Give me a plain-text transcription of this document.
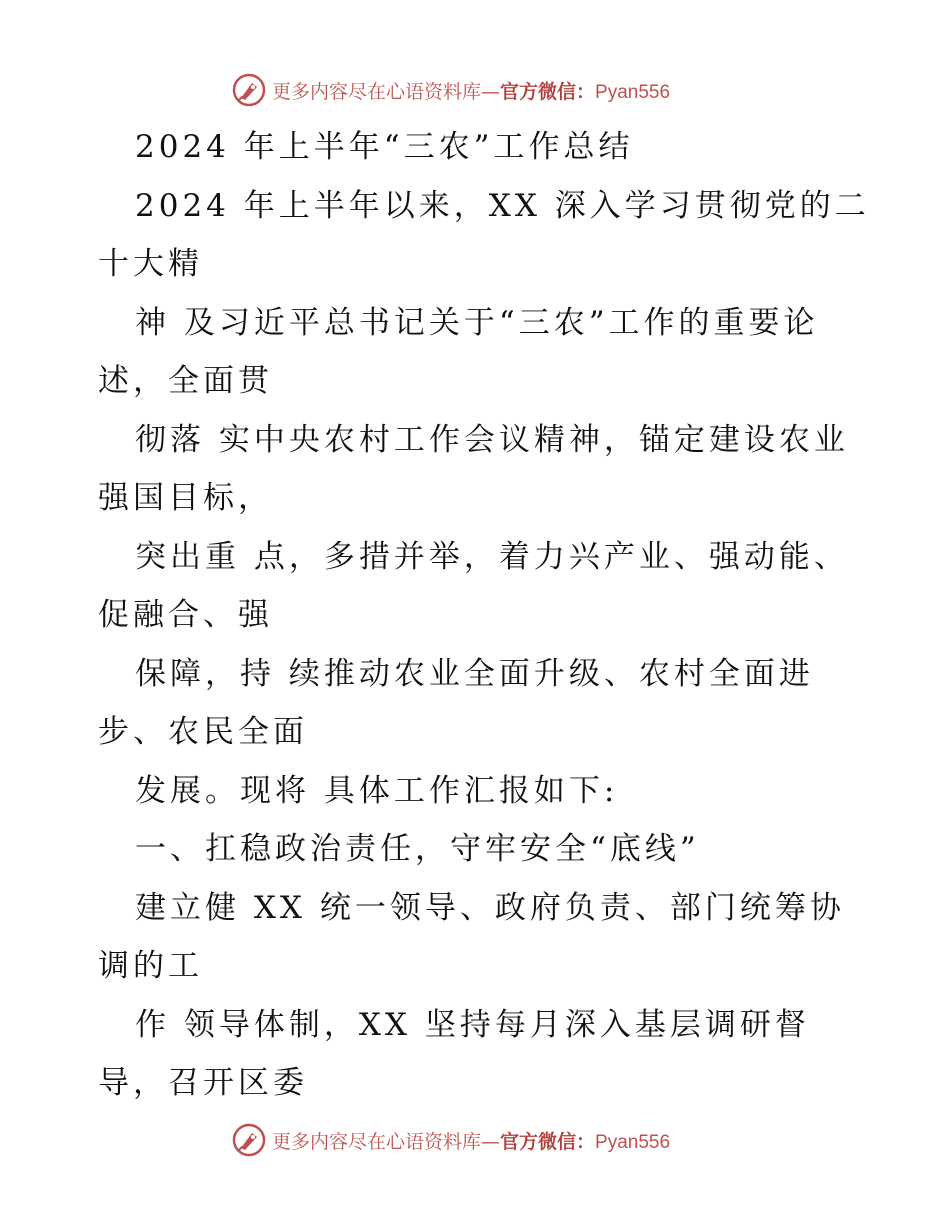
更多内容尽在心语资料库—官方微信：Pyan556
2024 年上半年“三农”工作总结
2024 年上半年以来，XX 深入学习贯彻党的二
十大精
神 及习近平总书记关于“三农”工作的重要论
述，全面贯
彻落 实中央农村工作会议精神，锚定建设农业
强国目标，
突出重 点，多措并举，着力兴产业、强动能、
促融合、强
保障，持 续推动农业全面升级、农村全面进
步、农民全面
发展。现将 具体工作汇报如下:
一、扛稳政治责任，守牢安全“底线”
建立健 XX 统一领导、政府负责、部门统筹协
调的工
作 领导体制，XX 坚持每月深入基层调研督
导，召开区委
更多内容尽在心语资料库—官方微信：Pyan556
